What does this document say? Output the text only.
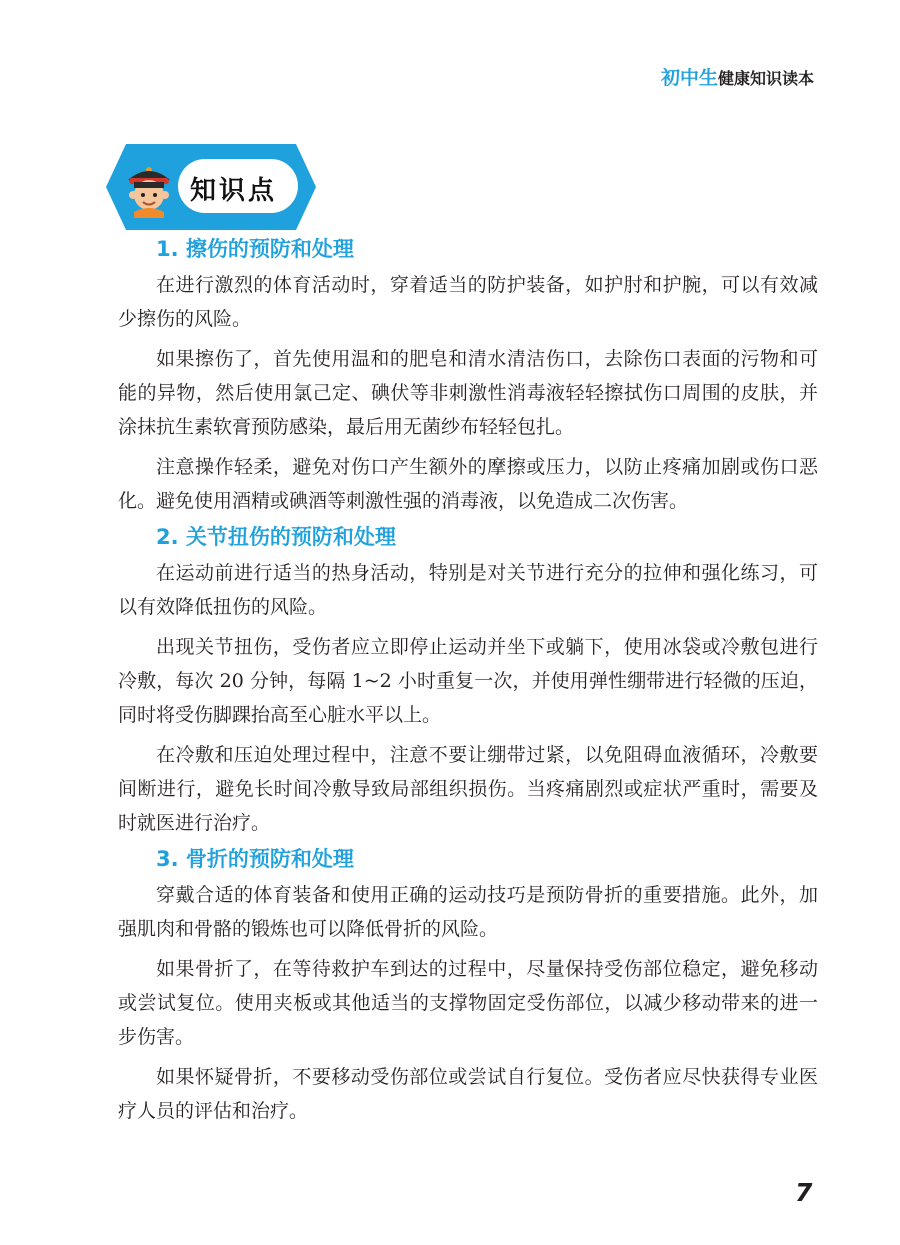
初中生健康知识读本
知识点
1. 擦伤的预防和处理

在进行激烈的体育活动时，穿着适当的防护装备，如护肘和护腕，可以有效减少擦伤的风险。

如果擦伤了，首先使用温和的肥皂和清水清洁伤口，去除伤口表面的污物和可能的异物，然后使用氯己定、碘伏等非刺激性消毒液轻轻擦拭伤口周围的皮肤，并涂抹抗生素软膏预防感染，最后用无菌纱布轻轻包扎。

注意操作轻柔，避免对伤口产生额外的摩擦或压力，以防止疼痛加剧或伤口恶化。避免使用酒精或碘酒等刺激性强的消毒液，以免造成二次伤害。

2. 关节扭伤的预防和处理

在运动前进行适当的热身活动，特别是对关节进行充分的拉伸和强化练习，可以有效降低扭伤的风险。

出现关节扭伤，受伤者应立即停止运动并坐下或躺下，使用冰袋或冷敷包进行冷敷，每次 20 分钟，每隔 1~2 小时重复一次，并使用弹性绷带进行轻微的压迫，同时将受伤脚踝抬高至心脏水平以上。

在冷敷和压迫处理过程中，注意不要让绷带过紧，以免阻碍血液循环，冷敷要间断进行，避免长时间冷敷导致局部组织损伤。当疼痛剧烈或症状严重时，需要及时就医进行治疗。

3. 骨折的预防和处理

穿戴合适的体育装备和使用正确的运动技巧是预防骨折的重要措施。此外，加强肌肉和骨骼的锻炼也可以降低骨折的风险。

如果骨折了，在等待救护车到达的过程中，尽量保持受伤部位稳定，避免移动或尝试复位。使用夹板或其他适当的支撑物固定受伤部位，以减少移动带来的进一步伤害。

如果怀疑骨折，不要移动受伤部位或尝试自行复位。受伤者应尽快获得专业医疗人员的评估和治疗。

7
